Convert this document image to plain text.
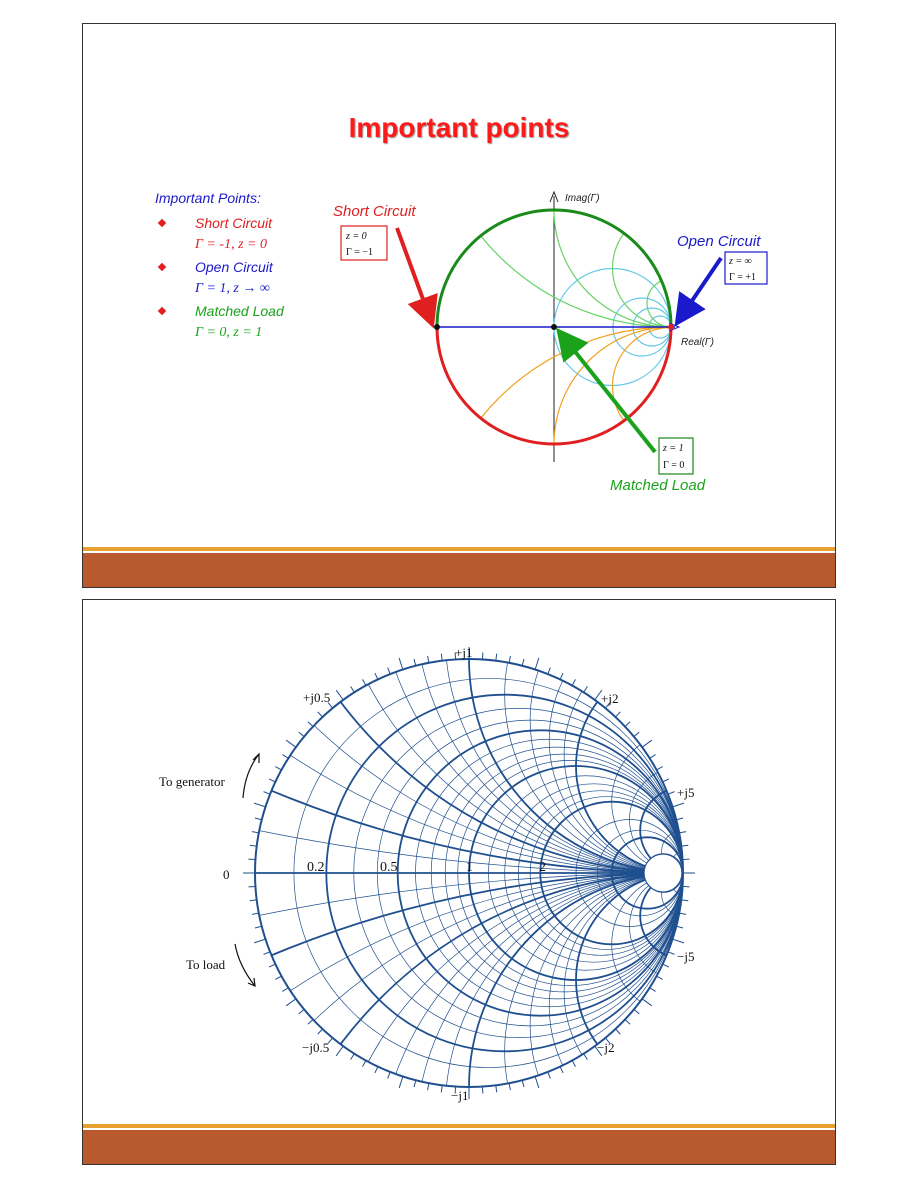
Important points
Important Points:
Short Circuit
Γ = -1, z = 0
Open Circuit
Γ = 1, z → ∞
Matched Load
Γ = 0, z = 1
Imag(Γ)
Real(Γ)
Short Circuit
z = 0
Γ = −1
Open Circuit
z = ∞
Γ = +1
z = 1
Γ = 0
Matched Load
+j1
+j0.5	+j2
+j5
−j5
−j2
−j0.5
−j1
0	0.2	0.5	1	2
To generator
To load
